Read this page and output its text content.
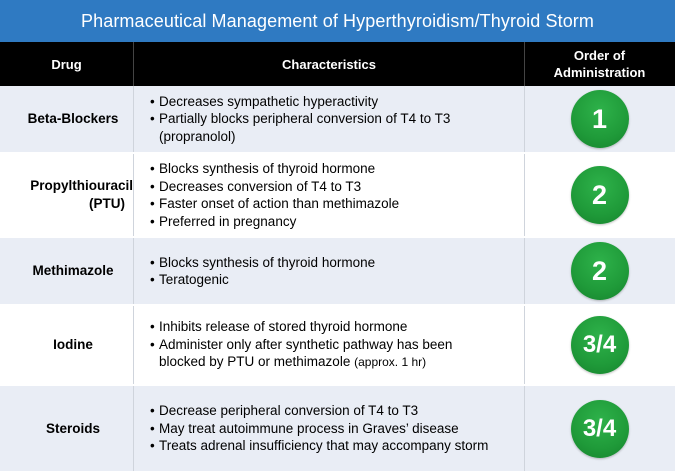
Pharmaceutical Management of Hyperthyroidism/Thyroid Storm
Drug	Characteristics
Order of
Administration
Beta-Blockers
• Decreases sympathetic hyperactivity
• Partially blocks peripheral conversion of T4 to T3
(propranolol)
1
Propylthiouracil
(PTU)
• Blocks synthesis of thyroid hormone
• Decreases conversion of T4 to T3
• Faster onset of action than methimazole
• Preferred in pregnancy
2
Methimazole
• Blocks synthesis of thyroid hormone
• Teratogenic	2
Iodine
• Inhibits release of stored thyroid hormone
• Administer only after synthetic pathway has been
blocked by PTU or methimazole (approx. 1 hr)
3/4
Steroids
• Decrease peripheral conversion of T4 to T3
• May treat autoimmune process in Graves’ disease
• Treats adrenal insufficiency that may accompany storm
3/4
